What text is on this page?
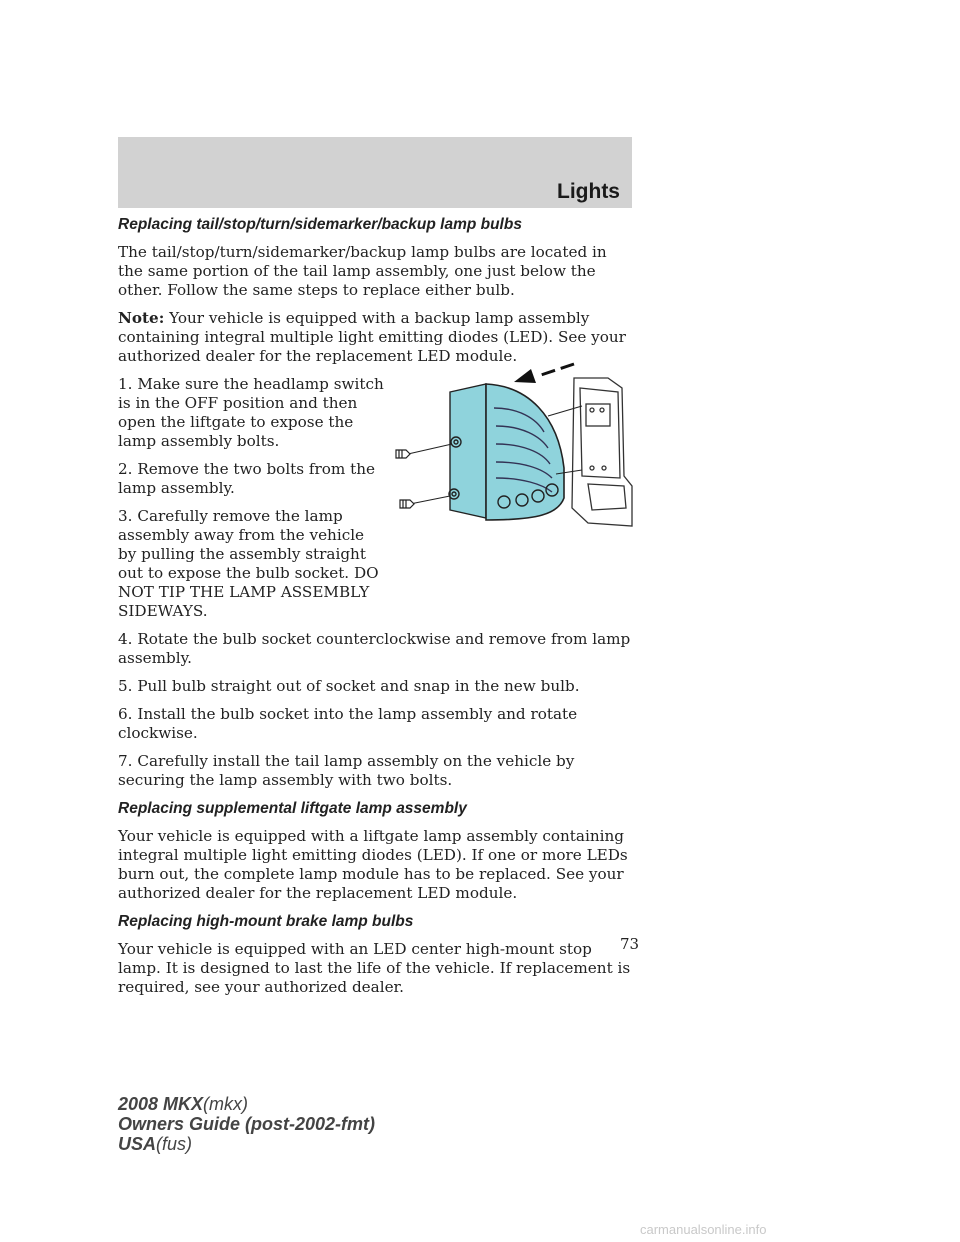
Lights
Replacing tail/stop/turn/sidemarker/backup lamp bulbs

The tail/stop/turn/sidemarker/backup lamp bulbs are located in the same portion of the tail lamp assembly, one just below the other. Follow the same steps to replace either bulb.

Note: Your vehicle is equipped with a backup lamp assembly containing integral multiple light emitting diodes (LED). See your authorized dealer for the replacement LED module.

1. Make sure the headlamp switch is in the OFF position and then open the liftgate to expose the lamp assembly bolts.

2. Remove the two bolts from the lamp assembly.

3. Carefully remove the lamp assembly away from the vehicle by pulling the assembly straight out to expose the bulb socket. DO NOT TIP THE LAMP ASSEMBLY SIDEWAYS.

4. Rotate the bulb socket counterclockwise and remove from lamp assembly.

5. Pull bulb straight out of socket and snap in the new bulb.

6. Install the bulb socket into the lamp assembly and rotate clockwise.

7. Carefully install the tail lamp assembly on the vehicle by securing the lamp assembly with two bolts.

Replacing supplemental liftgate lamp assembly

Your vehicle is equipped with a liftgate lamp assembly containing integral multiple light emitting diodes (LED). If one or more LEDs burn out, the complete lamp module has to be replaced. See your authorized dealer for the replacement LED module.

Replacing high-mount brake lamp bulbs

Your vehicle is equipped with an LED center high-mount stop lamp. It is designed to last the life of the vehicle. If replacement is required, see your authorized dealer.

73
2008 MKX(mkx)
Owners Guide (post-2002-fmt)
USA(fus)
carmanualsonline.info
